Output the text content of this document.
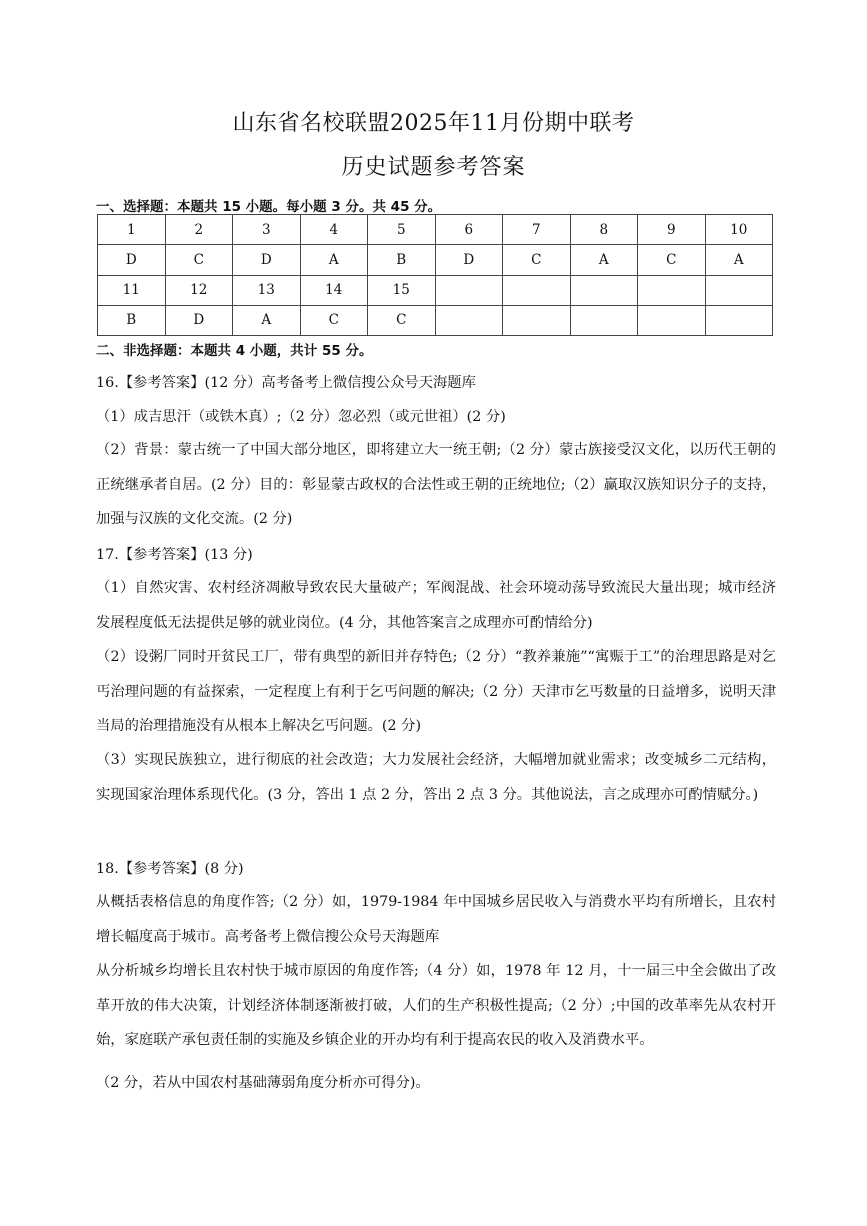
山东省名校联盟2025年11月份期中联考
历史试题参考答案
一、选择题：本题共 15 小题。每小题 3 分。共 45 分。
1	2	3	4	5	6	7	8	9	10
D	C	D	A	B	D	C	A	C	A
11	12	13	14	15					
B	D	A	C	C					
二、非选择题：本题共 4 小题，共计 55 分。
16.【参考答案】(12 分）高考备考上微信搜公众号天海题库
（1）成吉思汗（或铁木真）;（2 分）忽必烈（或元世祖）(2 分)
（2）背景：蒙古统一了中国大部分地区，即将建立大一统王朝;（2 分）蒙古族接受汉文化，以历代王朝的正统继承者自居。(2 分）目的：彰显蒙古政权的合法性或王朝的正统地位;（2）赢取汉族知识分子的支持，加强与汉族的文化交流。(2 分)
17.【参考答案】(13 分)
（1）自然灾害、农村经济凋敝导致农民大量破产；军阀混战、社会环境动荡导致流民大量出现；城市经济发展程度低无法提供足够的就业岗位。(4 分，其他答案言之成理亦可酌情给分)
（2）设粥厂同时开贫民工厂，带有典型的新旧并存特色;（2 分）“教养兼施”“寓赈于工”的治理思路是对乞丐治理问题的有益探索，一定程度上有利于乞丐问题的解决;（2 分）天津市乞丐数量的日益增多，说明天津当局的治理措施没有从根本上解决乞丐问题。(2 分)
（3）实现民族独立，进行彻底的社会改造；大力发展社会经济，大幅增加就业需求；改变城乡二元结构，实现国家治理体系现代化。(3 分，答出 1 点 2 分，答出 2 点 3 分。其他说法，言之成理亦可酌情赋分。)
18.【参考答案】(8 分)
从概括表格信息的角度作答;（2 分）如，1979-1984 年中国城乡居民收入与消费水平均有所增长，且农村增长幅度高于城市。高考备考上微信搜公众号天海题库
从分析城乡均增长且农村快于城市原因的角度作答;（4 分）如，1978 年 12 月，十一届三中全会做出了改革开放的伟大决策，计划经济体制逐渐被打破，人们的生产积极性提高;（2 分）;中国的改革率先从农村开始，家庭联产承包责任制的实施及乡镇企业的开办均有利于提高农民的收入及消费水平。
（2 分，若从中国农村基础薄弱角度分析亦可得分)。
